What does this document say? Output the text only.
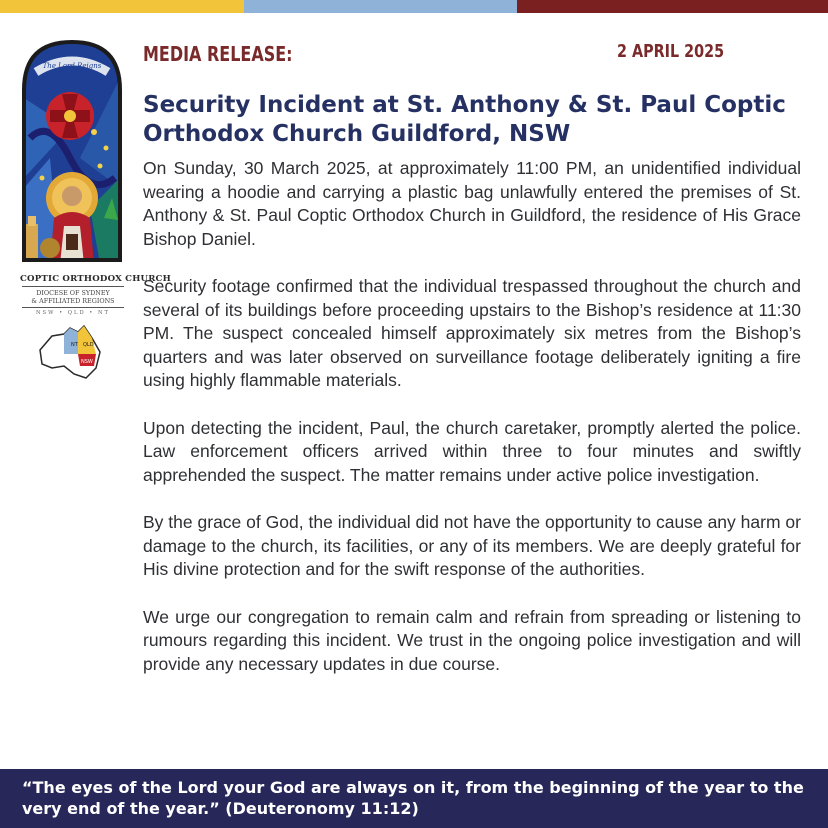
The Lord Reigns
COPTIC ORTHODOX CHURCH
DIOCESE OF SYDNEY
& AFFILIATED REGIONS
NSW • QLD • NT
NT QLD
NSW
MEDIA RELEASE:	2 APRIL 2025
Security Incident at St. Anthony & St. Paul Coptic Orthodox Church Guildford, NSW

On Sunday, 30 March 2025, at approximately 11:00 PM, an unidentified individual wearing a hoodie and carrying a plastic bag unlawfully entered the premises of St. Anthony & St. Paul Coptic Orthodox Church in Guildford, the residence of His Grace Bishop Daniel.

Security footage confirmed that the individual trespassed throughout the church and several of its buildings before proceeding upstairs to the Bishop’s residence at 11:30 PM. The suspect concealed himself approximately six metres from the Bishop’s quarters and was later observed on surveillance footage deliberately igniting a fire using highly flammable materials.

Upon detecting the incident, Paul, the church caretaker, promptly alerted the police. Law enforcement officers arrived within three to four minutes and swiftly apprehended the suspect. The matter remains under active police investigation.

By the grace of God, the individual did not have the opportunity to cause any harm or damage to the church, its facilities, or any of its members. We are deeply grateful for His divine protection and for the swift response of the authorities.

We urge our congregation to remain calm and refrain from spreading or listening to rumours regarding this incident. We trust in the ongoing police investigation and will provide any necessary updates in due course.

“The eyes of the Lord your God are always on it, from the beginning of the year to the very end of the year.” (Deuteronomy 11:12)
